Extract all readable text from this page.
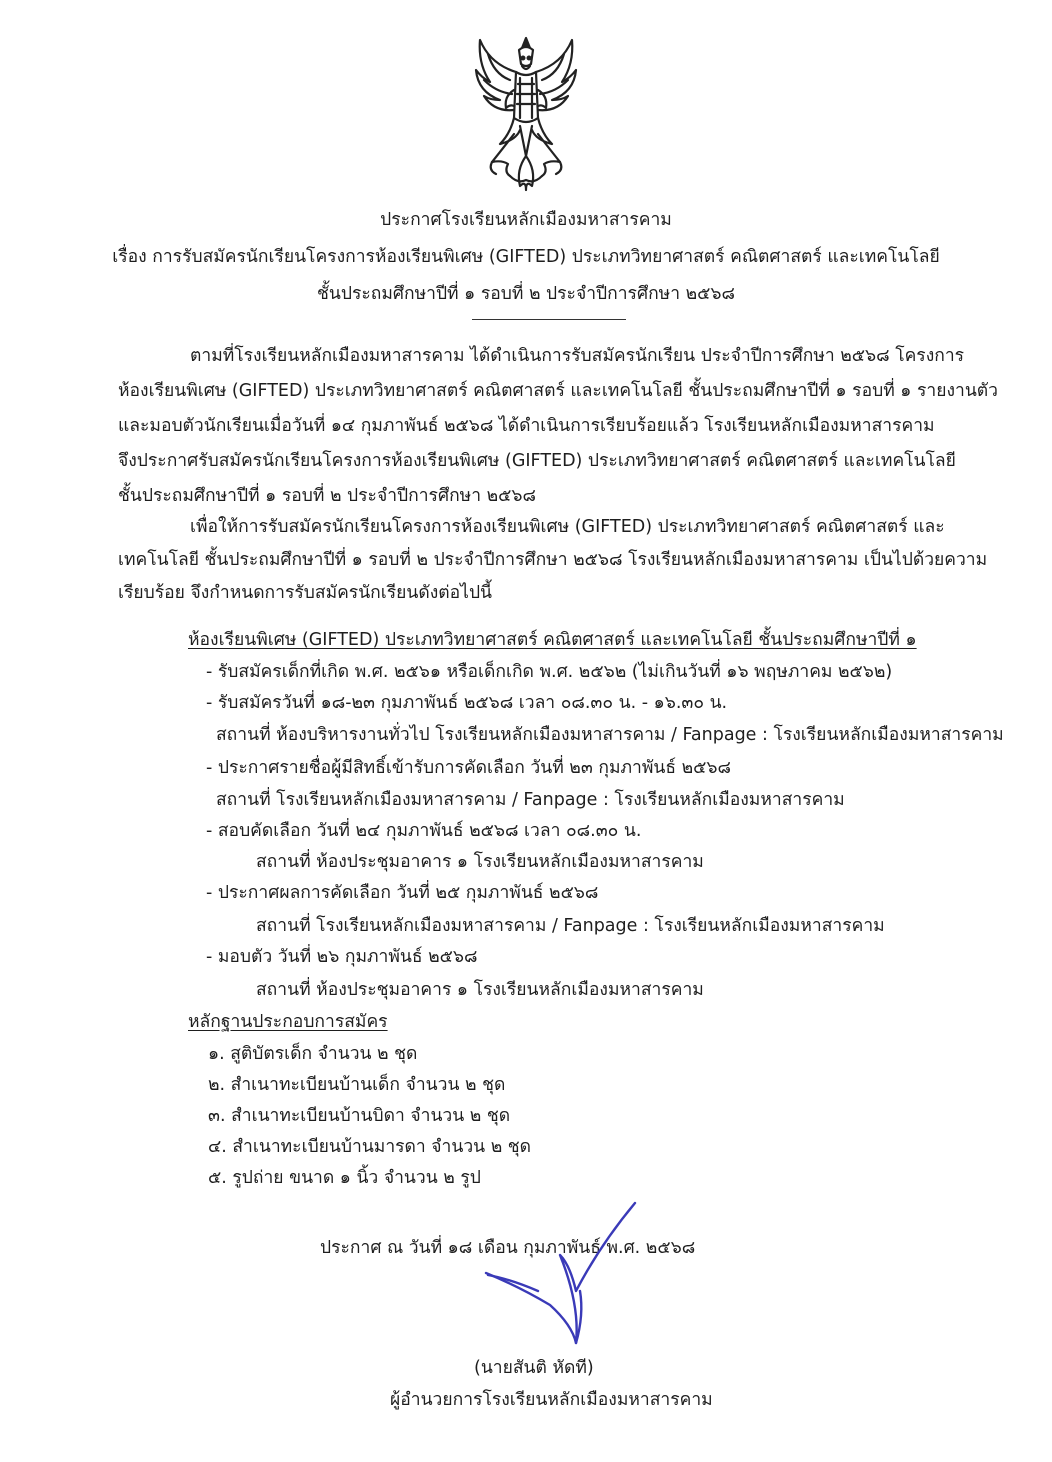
ประกาศโรงเรียนหลักเมืองมหาสารคาม
เรื่อง การรับสมัครนักเรียนโครงการห้องเรียนพิเศษ (GIFTED) ประเภทวิทยาศาสตร์ คณิตศาสตร์ และเทคโนโลยี
ชั้นประถมศึกษาปีที่ ๑ รอบที่ ๒ ประจำปีการศึกษา ๒๕๖๘
ตามที่โรงเรียนหลักเมืองมหาสารคาม ได้ดำเนินการรับสมัครนักเรียน ประจำปีการศึกษา ๒๕๖๘ โครงการ
ห้องเรียนพิเศษ (GIFTED) ประเภทวิทยาศาสตร์ คณิตศาสตร์ และเทคโนโลยี ชั้นประถมศึกษาปีที่ ๑ รอบที่ ๑ รายงานตัว
และมอบตัวนักเรียนเมื่อวันที่ ๑๔ กุมภาพันธ์ ๒๕๖๘ ได้ดำเนินการเรียบร้อยแล้ว โรงเรียนหลักเมืองมหาสารคาม
จึงประกาศรับสมัครนักเรียนโครงการห้องเรียนพิเศษ (GIFTED) ประเภทวิทยาศาสตร์ คณิตศาสตร์ และเทคโนโลยี
ชั้นประถมศึกษาปีที่ ๑ รอบที่ ๒ ประจำปีการศึกษา ๒๕๖๘
เพื่อให้การรับสมัครนักเรียนโครงการห้องเรียนพิเศษ (GIFTED) ประเภทวิทยาศาสตร์ คณิตศาสตร์ และ
เทคโนโลยี ชั้นประถมศึกษาปีที่ ๑ รอบที่ ๒ ประจำปีการศึกษา ๒๕๖๘ โรงเรียนหลักเมืองมหาสารคาม เป็นไปด้วยความ
เรียบร้อย จึงกำหนดการรับสมัครนักเรียนดังต่อไปนี้
ห้องเรียนพิเศษ (GIFTED) ประเภทวิทยาศาสตร์ คณิตศาสตร์ และเทคโนโลยี ชั้นประถมศึกษาปีที่ ๑
- รับสมัครเด็กที่เกิด พ.ศ. ๒๕๖๑ หรือเด็กเกิด พ.ศ. ๒๕๖๒ (ไม่เกินวันที่ ๑๖ พฤษภาคม ๒๕๖๒)
- รับสมัครวันที่ ๑๘-๒๓ กุมภาพันธ์ ๒๕๖๘ เวลา ๐๘.๓๐ น. - ๑๖.๓๐ น.
สถานที่ ห้องบริหารงานทั่วไป โรงเรียนหลักเมืองมหาสารคาม / Fanpage : โรงเรียนหลักเมืองมหาสารคาม
- ประกาศรายชื่อผู้มีสิทธิ์เข้ารับการคัดเลือก วันที่ ๒๓ กุมภาพันธ์ ๒๕๖๘
สถานที่ โรงเรียนหลักเมืองมหาสารคาม / Fanpage : โรงเรียนหลักเมืองมหาสารคาม
- สอบคัดเลือก วันที่ ๒๔ กุมภาพันธ์ ๒๕๖๘ เวลา ๐๘.๓๐ น.
สถานที่ ห้องประชุมอาคาร ๑ โรงเรียนหลักเมืองมหาสารคาม
- ประกาศผลการคัดเลือก วันที่ ๒๕ กุมภาพันธ์ ๒๕๖๘
สถานที่ โรงเรียนหลักเมืองมหาสารคาม / Fanpage : โรงเรียนหลักเมืองมหาสารคาม
- มอบตัว วันที่ ๒๖ กุมภาพันธ์ ๒๕๖๘
สถานที่ ห้องประชุมอาคาร ๑ โรงเรียนหลักเมืองมหาสารคาม
หลักฐานประกอบการสมัคร
๑. สูติบัตรเด็ก จำนวน ๒ ชุด
๒. สำเนาทะเบียนบ้านเด็ก จำนวน ๒ ชุด
๓. สำเนาทะเบียนบ้านบิดา จำนวน ๒ ชุด
๔. สำเนาทะเบียนบ้านมารดา จำนวน ๒ ชุด
๕. รูปถ่าย ขนาด ๑ นิ้ว จำนวน ๒ รูป
ประกาศ ณ วันที่ ๑๘ เดือน กุมภาพันธ์ พ.ศ. ๒๕๖๘
(นายสันติ หัดที)
ผู้อำนวยการโรงเรียนหลักเมืองมหาสารคาม
